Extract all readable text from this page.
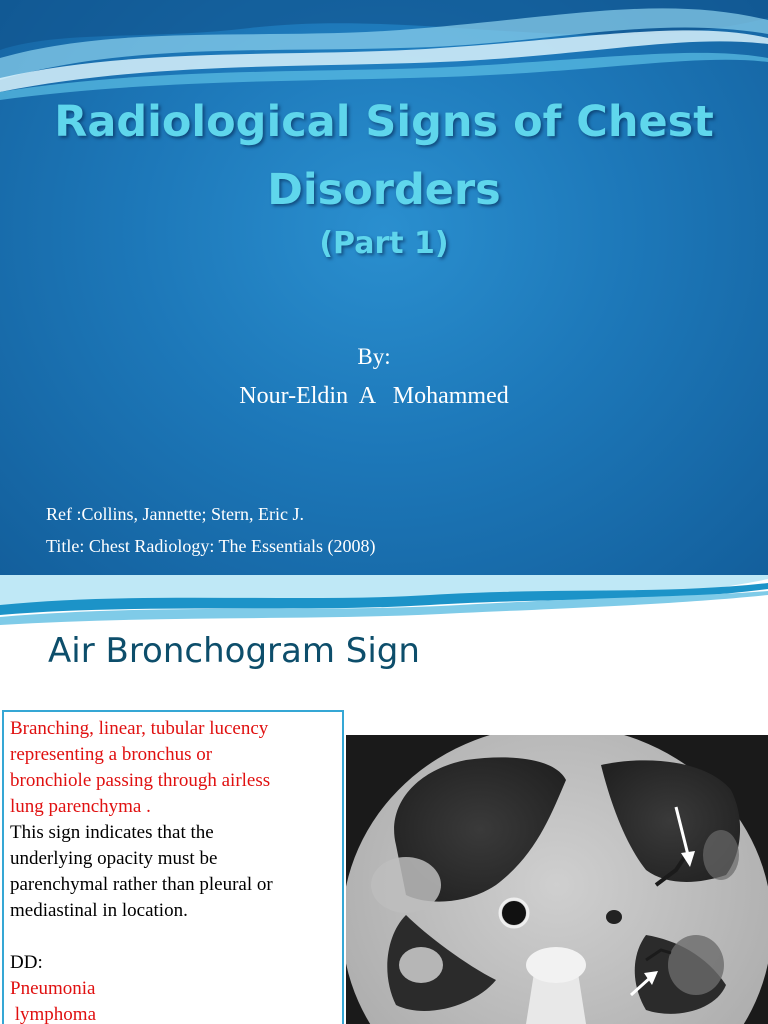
Radiological Signs of Chest
Disorders
(Part 1)
By:
Nour-Eldin  A   Mohammed
Ref :Collins, Jannette; Stern, Eric J.
Title: Chest Radiology: The Essentials (2008)
Air Bronchogram Sign

Branching, linear, tubular lucency

representing a bronchus or

bronchiole passing through airless

lung parenchyma .

This sign indicates that the

underlying opacity must be

parenchymal rather than pleural or

mediastinal in location.

DD:

Pneumonia

lymphoma
